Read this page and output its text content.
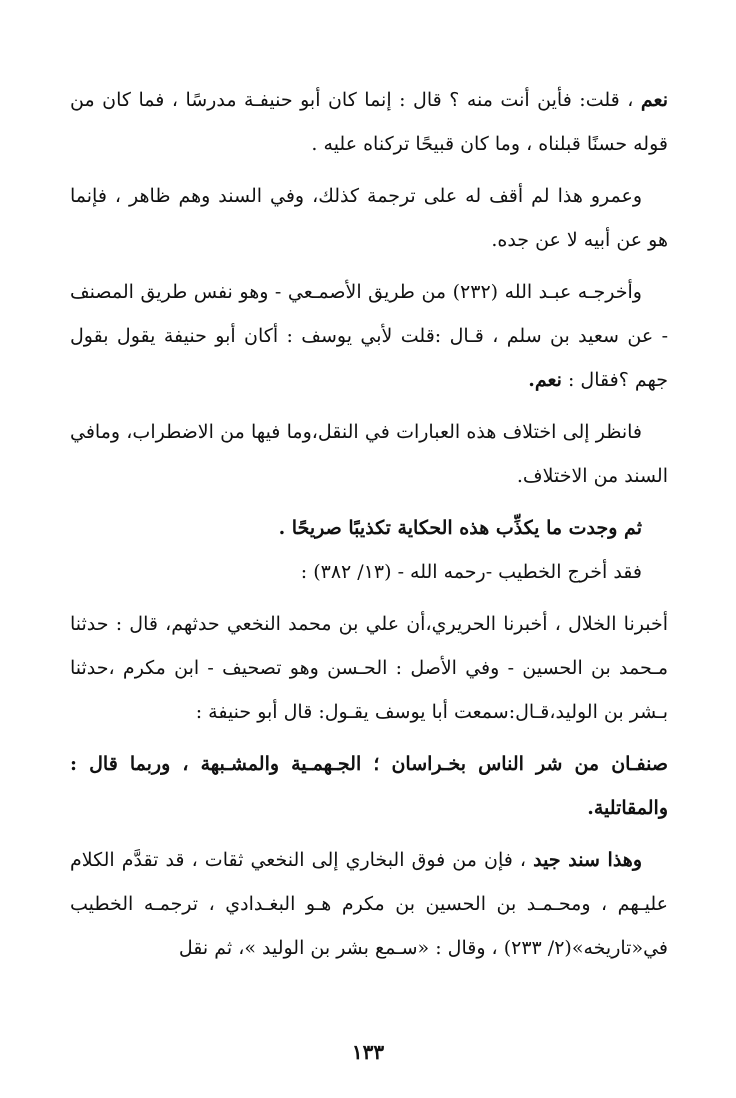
نعم ، قلت: فأين أنت منه ؟ قال : إنما كان أبو حنيفـة مدرسًا ، فما كان من قوله حسنًا قبلناه ، وما كان قبيحًا تركناه عليه .

وعمرو هذا لم أقف له على ترجمة كذلك، وفي السند وهم ظاهر ، فإنما هو عن أبيه لا عن جده.

وأخرجـه عبـد الله (٢٣٢) من طريق الأصمـعي - وهو نفس طريق المصنف - عن سعيد بن سلم ، قـال :قلت لأبي يوسف : أكان أبو حنيفة يقول بقول جهم ؟فقال : نعم.

فانظر إلى اختلاف هذه العبارات في النقل،وما فيها من الاضطراب، ومافي السند من الاختلاف.

ثم وجدت ما يكذِّب هذه الحكاية تكذيبًا صريحًا .

فقد أخرج الخطيب -رحمه الله - (١٣/ ٣٨٢) :

أخبرنا الخلال ، أخبرنا الحريري،أن علي بن محمد النخعي حدثهم، قال : حدثنا مـحمد بن الحسين - وفي الأصل : الحـسن وهو تصحيف - ابن مكرم ،حدثنا بـشر بن الوليد،قـال:سمعت أبا يوسف يقـول: قال أبو حنيفة :

صنفـان من شر الناس بخـراسان ؛ الجـهمـية والمشـبهة ، وربما قال : والمقاتلية.

وهذا سند جيد ، فإن من فوق البخاري إلى النخعي ثقات ، قد تقدَّم الكلام عليـهم ، ومحـمـد بن الحسين بن مكرم هـو البغـدادي ، ترجمـه الخطيب في«تاريخه»(٢/ ٢٣٣) ، وقال : «سـمع بشر بن الوليد »، ثم نقل

١٣٣
